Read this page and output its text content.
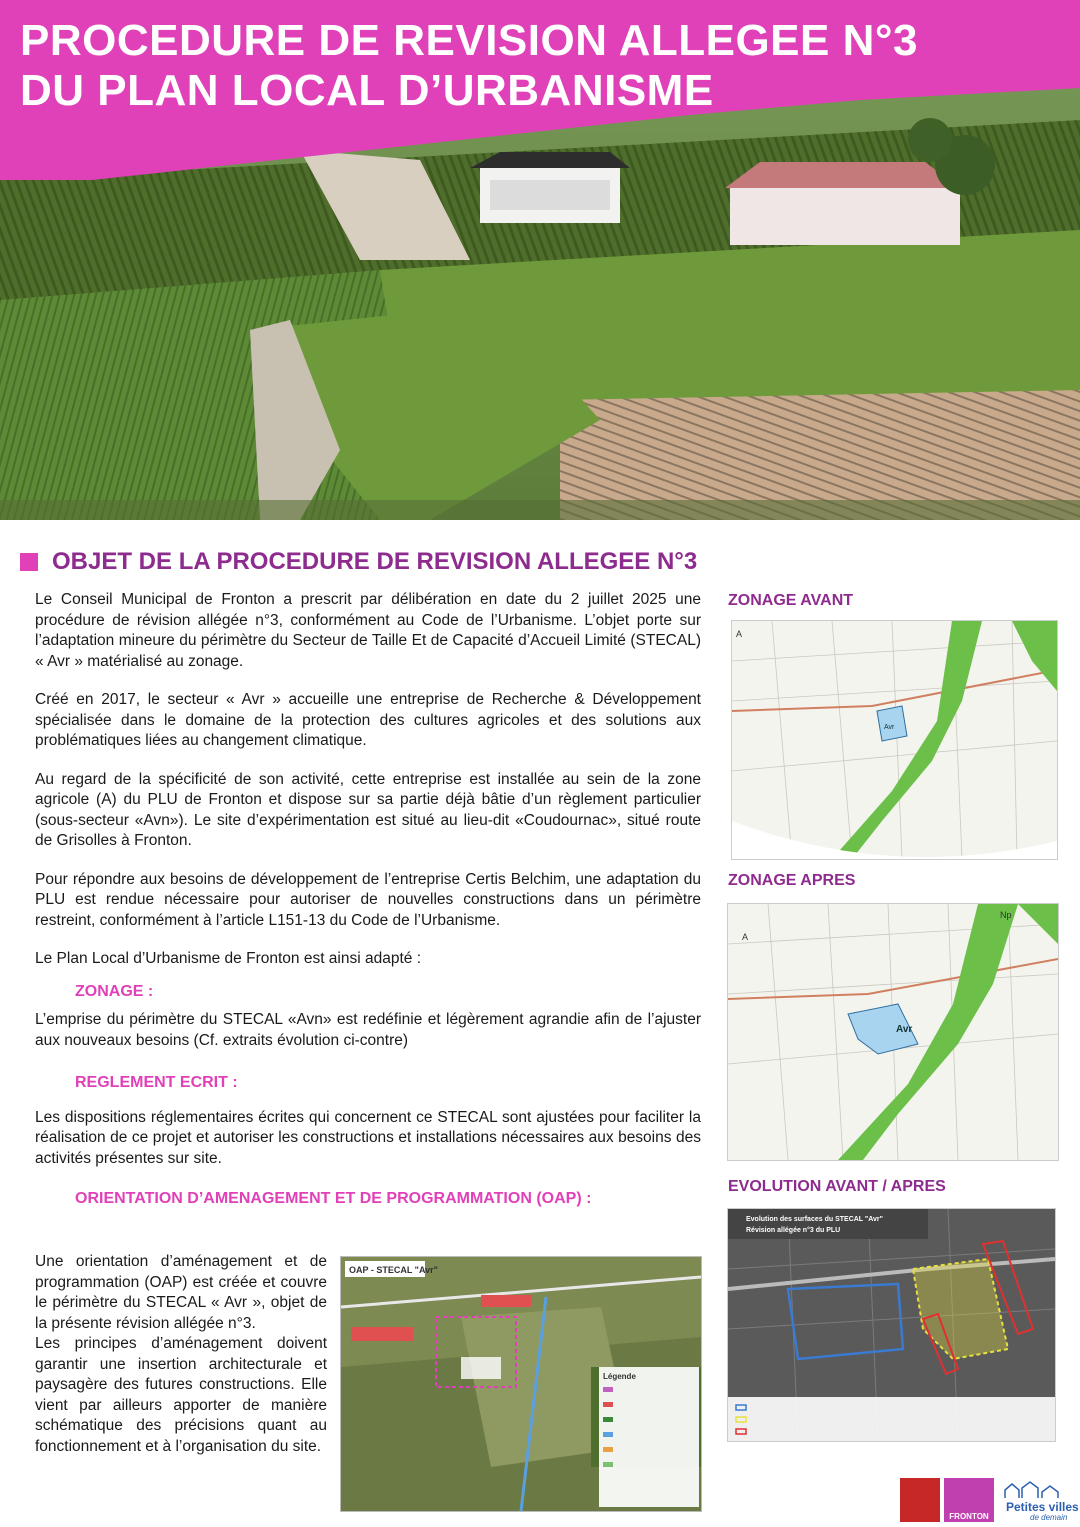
PROCEDURE DE REVISION ALLEGEE N°3
DU PLAN LOCAL D’URBANISME
OBJET DE LA PROCEDURE DE REVISION ALLEGEE N°3

Le Conseil Municipal de Fronton a prescrit par délibération en date du 2 juillet 2025 une procédure de révision allégée n°3, conformément au Code de l’Urbanisme. L’objet porte sur l’adaptation mineure du périmètre du Secteur de Taille Et de Capacité d’Accueil Limité (STECAL) « Avr » matérialisé au zonage.

Créé en 2017, le secteur « Avr » accueille une entreprise de Recherche & Développement spécialisée dans le domaine de la protection des cultures agricoles et des solutions aux problématiques liées au changement climatique.

Au regard de la spécificité de son activité, cette entreprise est installée au sein de la zone agricole (A) du PLU de Fronton et dispose sur sa partie déjà bâtie d’un règlement particulier (sous-secteur «Avn»). Le site d’expérimentation est situé au lieu-dit «Coudournac», situé route de Grisolles à Fronton.

Pour répondre aux besoins de développement de l’entreprise Certis Belchim, une adaptation du PLU est rendue nécessaire pour autoriser de nouvelles constructions dans un périmètre restreint, conformément à l’article L151-13 du Code de l’Urbanisme.

Le Plan Local d’Urbanisme de Fronton est ainsi adapté :

ZONAGE :

L’emprise du périmètre du STECAL «Avn» est redéfinie et légèrement agrandie afin de l’ajuster aux nouveaux besoins (Cf. extraits évolution ci-contre)

REGLEMENT ECRIT :

Les dispositions réglementaires écrites qui concernent ce STECAL sont ajustées pour faciliter la réalisation de ce projet et autoriser les constructions et installations nécessaires aux besoins des activités présentes sur site.

ORIENTATION D’AMENAGEMENT ET DE PROGRAMMATION (OAP) :

Une orientation d’aménagement et de programmation (OAP) est créée et couvre le périmètre du STECAL « Avr », objet de la présente révision allégée n°3.

Les principes d’aménagement doivent garantir une insertion architecturale et paysagère des futures constructions. Elle vient par ailleurs apporter de manière schématique des précisions quant au fonctionnement et à l’organisation du site.

OAP - STECAL "Avr"
Légende
ZONAGE AVANT
A
Avr
ZONAGE APRES
A
Np
Avr
EVOLUTION AVANT / APRES
Evolution des surfaces du STECAL "Avr"
Révision allégée n°3 du PLU
FRONTON
Petites villes
de demain
